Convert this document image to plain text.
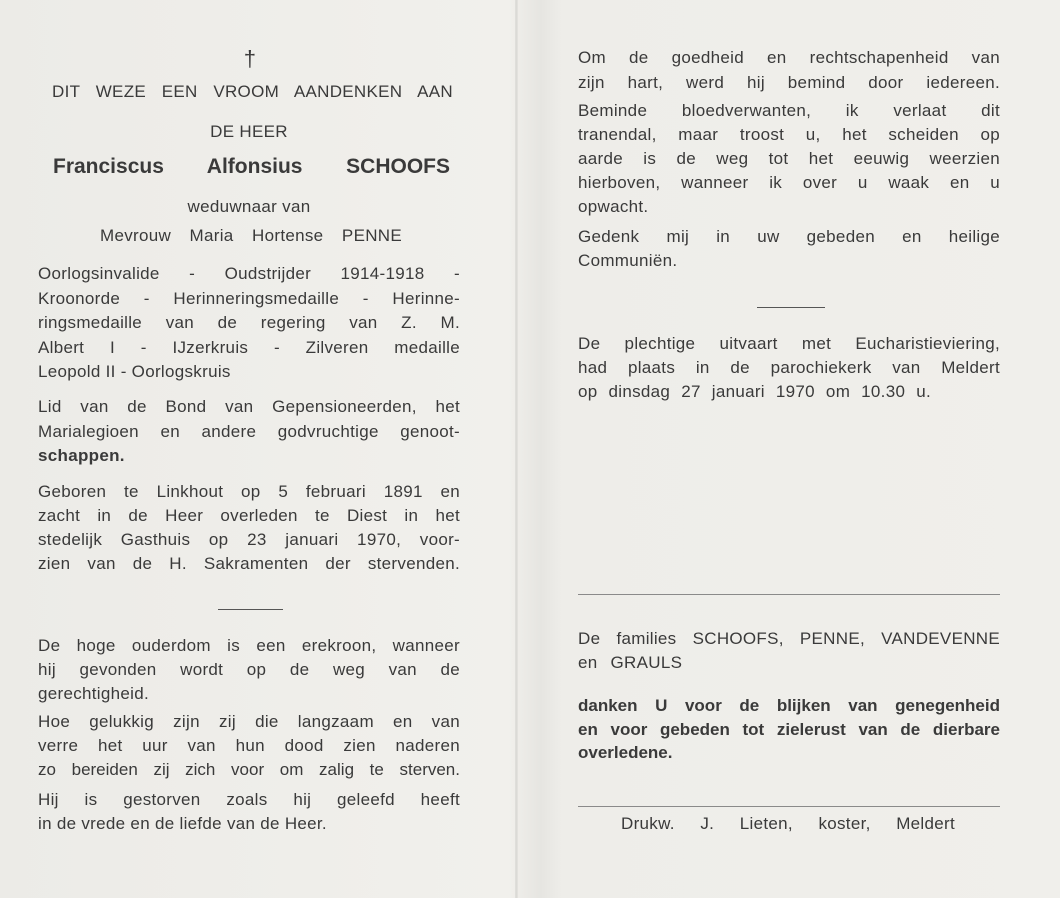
†
DIT WEZE EEN VROOM AANDENKEN AAN
DE HEER
Franciscus Alfonsius SCHOOFS
weduwnaar van
Mevrouw Maria Hortense PENNE
Oorlogsinvalide - Oudstrijder 1914-1918 -
Kroonorde - Herinneringsmedaille - Herinne-
ringsmedaille van de regering van Z. M.
Albert I - IJzerkruis - Zilveren medaille
Leopold II - Oorlogskruis
Lid van de Bond van Gepensioneerden, het
Marialegioen en andere godvruchtige genoot-
schappen.
Geboren te Linkhout op 5 februari 1891 en
zacht in de Heer overleden te Diest in het
stedelijk Gasthuis op 23 januari 1970, voor-
zien van de H. Sakramenten der stervenden.
De hoge ouderdom is een erekroon, wanneer
hij gevonden wordt op de weg van de
gerechtigheid.
Hoe gelukkig zijn zij die langzaam en van
verre het uur van hun dood zien naderen
zo bereiden zij zich voor om zalig te sterven.
Hij is gestorven zoals hij geleefd heeft
in de vrede en de liefde van de Heer.
Om de goedheid en rechtschapenheid van
zijn hart, werd hij bemind door iedereen.
Beminde bloedverwanten, ik verlaat dit
tranendal, maar troost u, het scheiden op
aarde is de weg tot het eeuwig weerzien
hierboven, wanneer ik over u waak en u
opwacht.
Gedenk mij in uw gebeden en heilige
Communiën.
De plechtige uitvaart met Eucharistieviering,
had plaats in de parochiekerk van Meldert
op dinsdag 27 januari 1970 om 10.30 u.
De families SCHOOFS, PENNE, VANDEVENNE
en GRAULS
danken U voor de blijken van genegenheid
en voor gebeden tot zielerust van de dierbare
overledene.
Drukw. J. Lieten, koster, Meldert
